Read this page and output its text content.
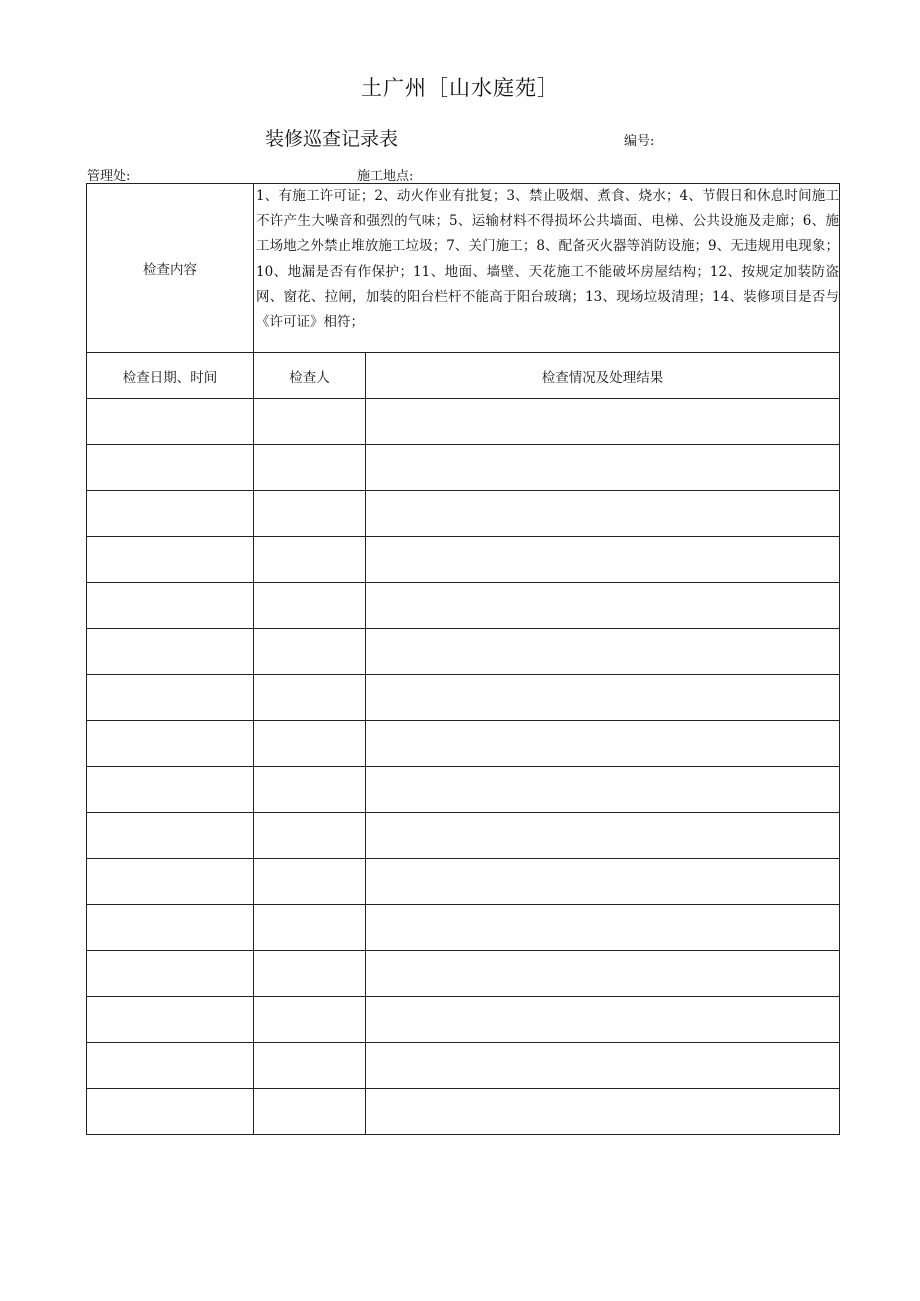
土广州［山水庭苑］
装修巡查记录表	编号:
管理处:	施工地点:
检查内容	1、有施工许可证；2、动火作业有批复；3、禁止吸烟、煮食、烧水；4、节假日和休息时间施工不许产生大噪音和强烈的气味；5、运输材料不得损坏公共墙面、电梯、公共设施及走廊；6、施工场地之外禁止堆放施工垃圾；7、关门施工；8、配备灭火器等消防设施；9、无违规用电现象；10、地漏是否有作保护；11、地面、墙壁、天花施工不能破坏房屋结构；12、按规定加装防盗网、窗花、拉闸，加装的阳台栏杆不能高于阳台玻璃；13、现场垃圾清理；14、装修项目是否与《许可证》相符；	
检查日期、时间	检查人	检查情况及处理结果
